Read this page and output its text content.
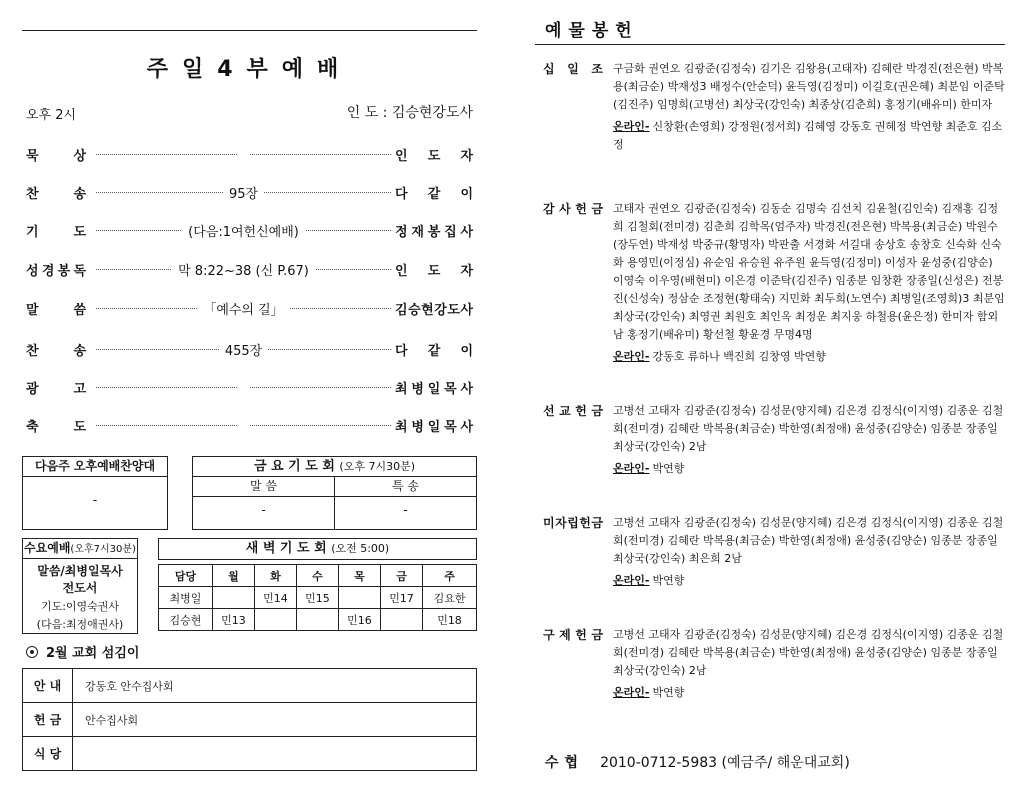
주일4부예배
오후 2시	인 도 : 김승현강도사
묵	상	인 도 자
찬	송	95장	다 같 이
기	도	(다음:1여헌신예배)	정 재 봉 집 사
성 경 봉 독	막 8:22~38 (신 P.67)	인 도 자
말	씀	「예수의 길」	김 승 현 강 도 사
찬	송	455장	다 같 이
광	고	최 병 일 목 사
축	도	최 병 일 목 사
다음주 오후예배찬양대
-
금 요 기 도 회 (오후 7시30분)
말 씀	특 송
-	-
수요예배(오후7시30분)
말씀/최병일목사
전도서
기도:이영숙권사
(다음:최정애권사)
새 벽 기 도 회 (오전 5:00)
담당	월	화	수	목	금	주
최병일		민14	민15		민17	김요한
김승현	민13			민16		민18
2월 교회 섬김이
안 내	강동호 안수집사회
헌 금	안수집사회
식 당	
예물봉헌
십 일 조 구금화 권연오 김광준(김정숙) 김기은 김왕용(고태자) 김혜란 박경진(전은현) 박복용(최금순) 박재성3 배정수(안순덕) 윤득영(김정미) 이길호(권은혜) 최분임 이준탁(김진주) 임명희(고병선) 최상국(강인숙) 최종상(김춘희) 홍정기(배유미) 한미자
온라인- 신창환(손영희) 강정원(정서희) 김혜영 강동호 권혜정 박연향 최준호 김소정
감 사 헌 금 고태자 권연오 김광준(김정숙) 김동순 김명숙 김선치 김윤철(김인숙) 김재홍 김정희 김철회(전미경) 김춘희 김학목(엄주자) 박경진(전은현) 박복용(최금순) 박원수(장두연) 박재성 박중규(황명자) 박판출 서경화 서길대 송상호 송창호 신숙화 신숙화 용영민(이정심) 유순임 유승원 유주원 윤득영(김정미) 이성자 윤성중(김양순) 이영숙 이우영(배현미) 이은경 이준탁(김진주) 임종분 임창환 장종일(신성은) 전봉진(신성숙) 정삼순 조정현(황태숙) 지민화 최두희(노연수) 최병일(조영희)3 최분임 최상국(강인숙) 최영권 최원호 최인옥 최정운 최지웅 하철용(윤은정) 한미자 함외남 홍정기(배유미) 황선철 황윤경 무명4명
온라인- 강동호 류하나 백진희 김창영 박연향
선 교 헌 금 고병선 고태자 김광준(김정숙) 김성문(양지혜) 김은경 김정식(이지영) 김종운 김철회(전미경) 김혜란 박복용(최금순) 박한영(최정애) 윤성중(김양순) 임종분 장종일 최상국(강인숙) 2남
온라인- 박연향
미 자 립 헌 금 고병선 고태자 김광준(김정숙) 김성문(양지혜) 김은경 김정식(이지영) 김종운 김철회(전미경) 김혜란 박복용(최금순) 박한영(최정애) 윤성중(김양순) 임종분 장종일 최상국(강인숙) 최은희 2남
온라인- 박연향
구 제 헌 금 고병선 고태자 김광준(김정숙) 김성문(양지혜) 김은경 김정식(이지영) 김종운 김철회(전미경) 김혜란 박복용(최금순) 박한영(최정애) 윤성중(김양순) 임종분 장종일 최상국(강인숙) 2남
온라인- 박연향
수협 2010-0712-5983 (예금주/ 해운대교회)
